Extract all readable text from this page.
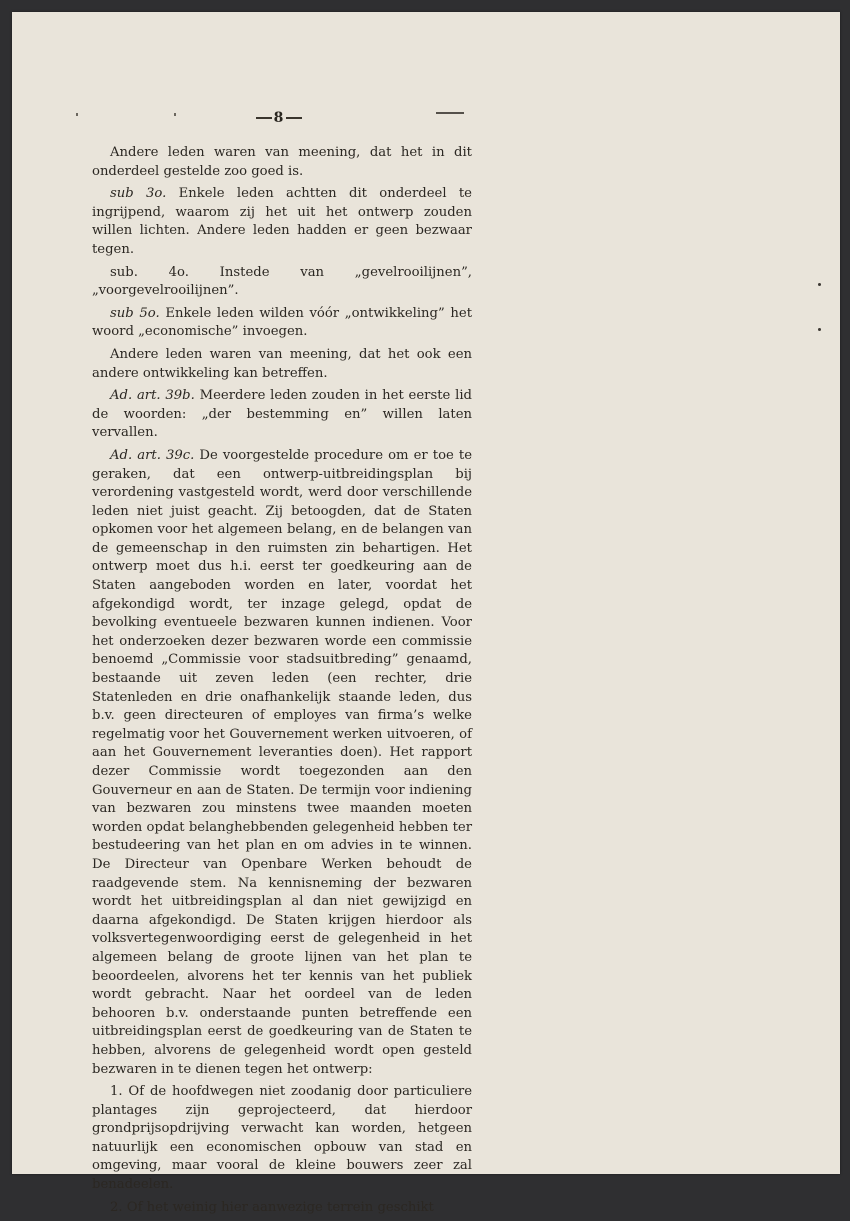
8

Andere leden waren van meening, dat het in dit onderdeel gestelde zoo goed is.

sub 3o. Enkele leden achtten dit onderdeel te ingrijpend, waarom zij het uit het ontwerp zouden willen lichten. Andere leden hadden er geen bezwaar tegen.

sub. 4o. Instede van „gevelrooilijnen”, „voorgevelrooilijnen”.

sub 5o. Enkele leden wilden vóór „ontwikkeling” het woord „economische” invoegen.

Andere leden waren van meening, dat het ook een andere ontwikkeling kan betreffen.

Ad. art. 39b. Meerdere leden zouden in het eerste lid de woorden: „der bestemming en” willen laten vervallen.

Ad. art. 39c. De voorgestelde procedure om er toe te geraken, dat een ontwerp-uitbreidingsplan bij verordening vastgesteld wordt, werd door verschillende leden niet juist geacht. Zij betoogden, dat de Staten opkomen voor het algemeen belang, en de belangen van de gemeenschap in den ruimsten zin behartigen. Het ontwerp moet dus h.i. eerst ter goedkeuring aan de Staten aangeboden worden en later, voordat het afgekondigd wordt, ter inzage gelegd, opdat de bevolking eventueele bezwaren kunnen indienen. Voor het onderzoeken dezer bezwaren worde een commissie benoemd „Commissie voor stadsuitbreding” genaamd, bestaande uit zeven leden (een rechter, drie Statenleden en drie onafhankelijk staande leden, dus b.v. geen directeuren of employes van firma’s welke regelmatig voor het Gouvernement werken uitvoeren, of aan het Gouvernement leveranties doen). Het rapport dezer Commissie wordt toegezonden aan den Gouverneur en aan de Staten. De termijn voor indiening van bezwaren zou minstens twee maanden moeten worden opdat belanghebbenden gelegenheid hebben ter bestudeering van het plan en om advies in te winnen. De Directeur van Openbare Werken behoudt de raadgevende stem. Na kennisneming der bezwaren wordt het uitbreidingsplan al dan niet gewijzigd en daarna afgekondigd. De Staten krijgen hierdoor als volksvertegenwoordiging eerst de gelegenheid in het algemeen belang de groote lijnen van het plan te beoordeelen, alvorens het ter kennis van het publiek wordt gebracht. Naar het oordeel van de leden behooren b.v. onderstaande punten betreffende een uitbreidingsplan eerst de goedkeuring van de Staten te hebben, alvorens de gelegenheid wordt open gesteld bezwaren in te dienen tegen het ontwerp:

1. Of de hoofdwegen niet zoodanig door particuliere plantages zijn geprojecteerd, dat hierdoor grondprijsopdrijving verwacht kan worden, hetgeen natuurlijk een economischen opbouw van stad en omgeving, maar vooral de kleine bouwers zeer zal benadeelen.

2. Of het weinig hier aanwezige terrein geschikt
